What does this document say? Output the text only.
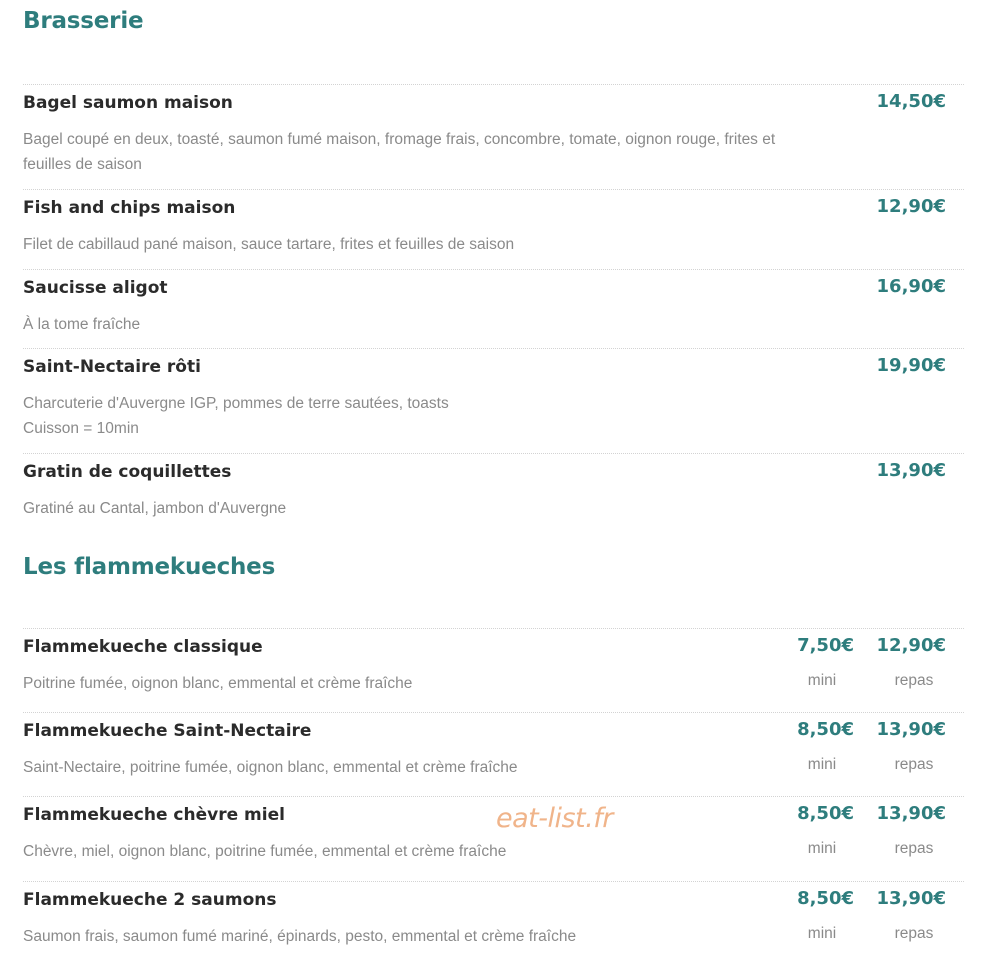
Brasserie
Bagel saumon maison	14,50€
Bagel coupé en deux, toasté, saumon fumé maison, fromage frais, concombre, tomate, oignon rouge, frites et feuilles de saison
Fish and chips maison	12,90€
Filet de cabillaud pané maison, sauce tartare, frites et feuilles de saison
Saucisse aligot	16,90€
À la tome fraîche
Saint-Nectaire rôti	19,90€
Charcuterie d'Auvergne IGP, pommes de terre sautées, toasts
Cuisson = 10min
Gratin de coquillettes	13,90€
Gratiné au Cantal, jambon d'Auvergne
Les flammekueches
Flammekueche classique	7,50€ 12,90€
Poitrine fumée, oignon blanc, emmental et crème fraîche	mini	repas
Flammekueche Saint-Nectaire	8,50€ 13,90€
Saint-Nectaire, poitrine fumée, oignon blanc, emmental et crème fraîche	mini	repas
Flammekueche chèvre miel	8,50€ 13,90€
Chèvre, miel, oignon blanc, poitrine fumée, emmental et crème fraîche	mini	repas
Flammekueche 2 saumons	8,50€ 13,90€
Saumon frais, saumon fumé mariné, épinards, pesto, emmental et crème fraîche	mini	repas
eat-list.fr
